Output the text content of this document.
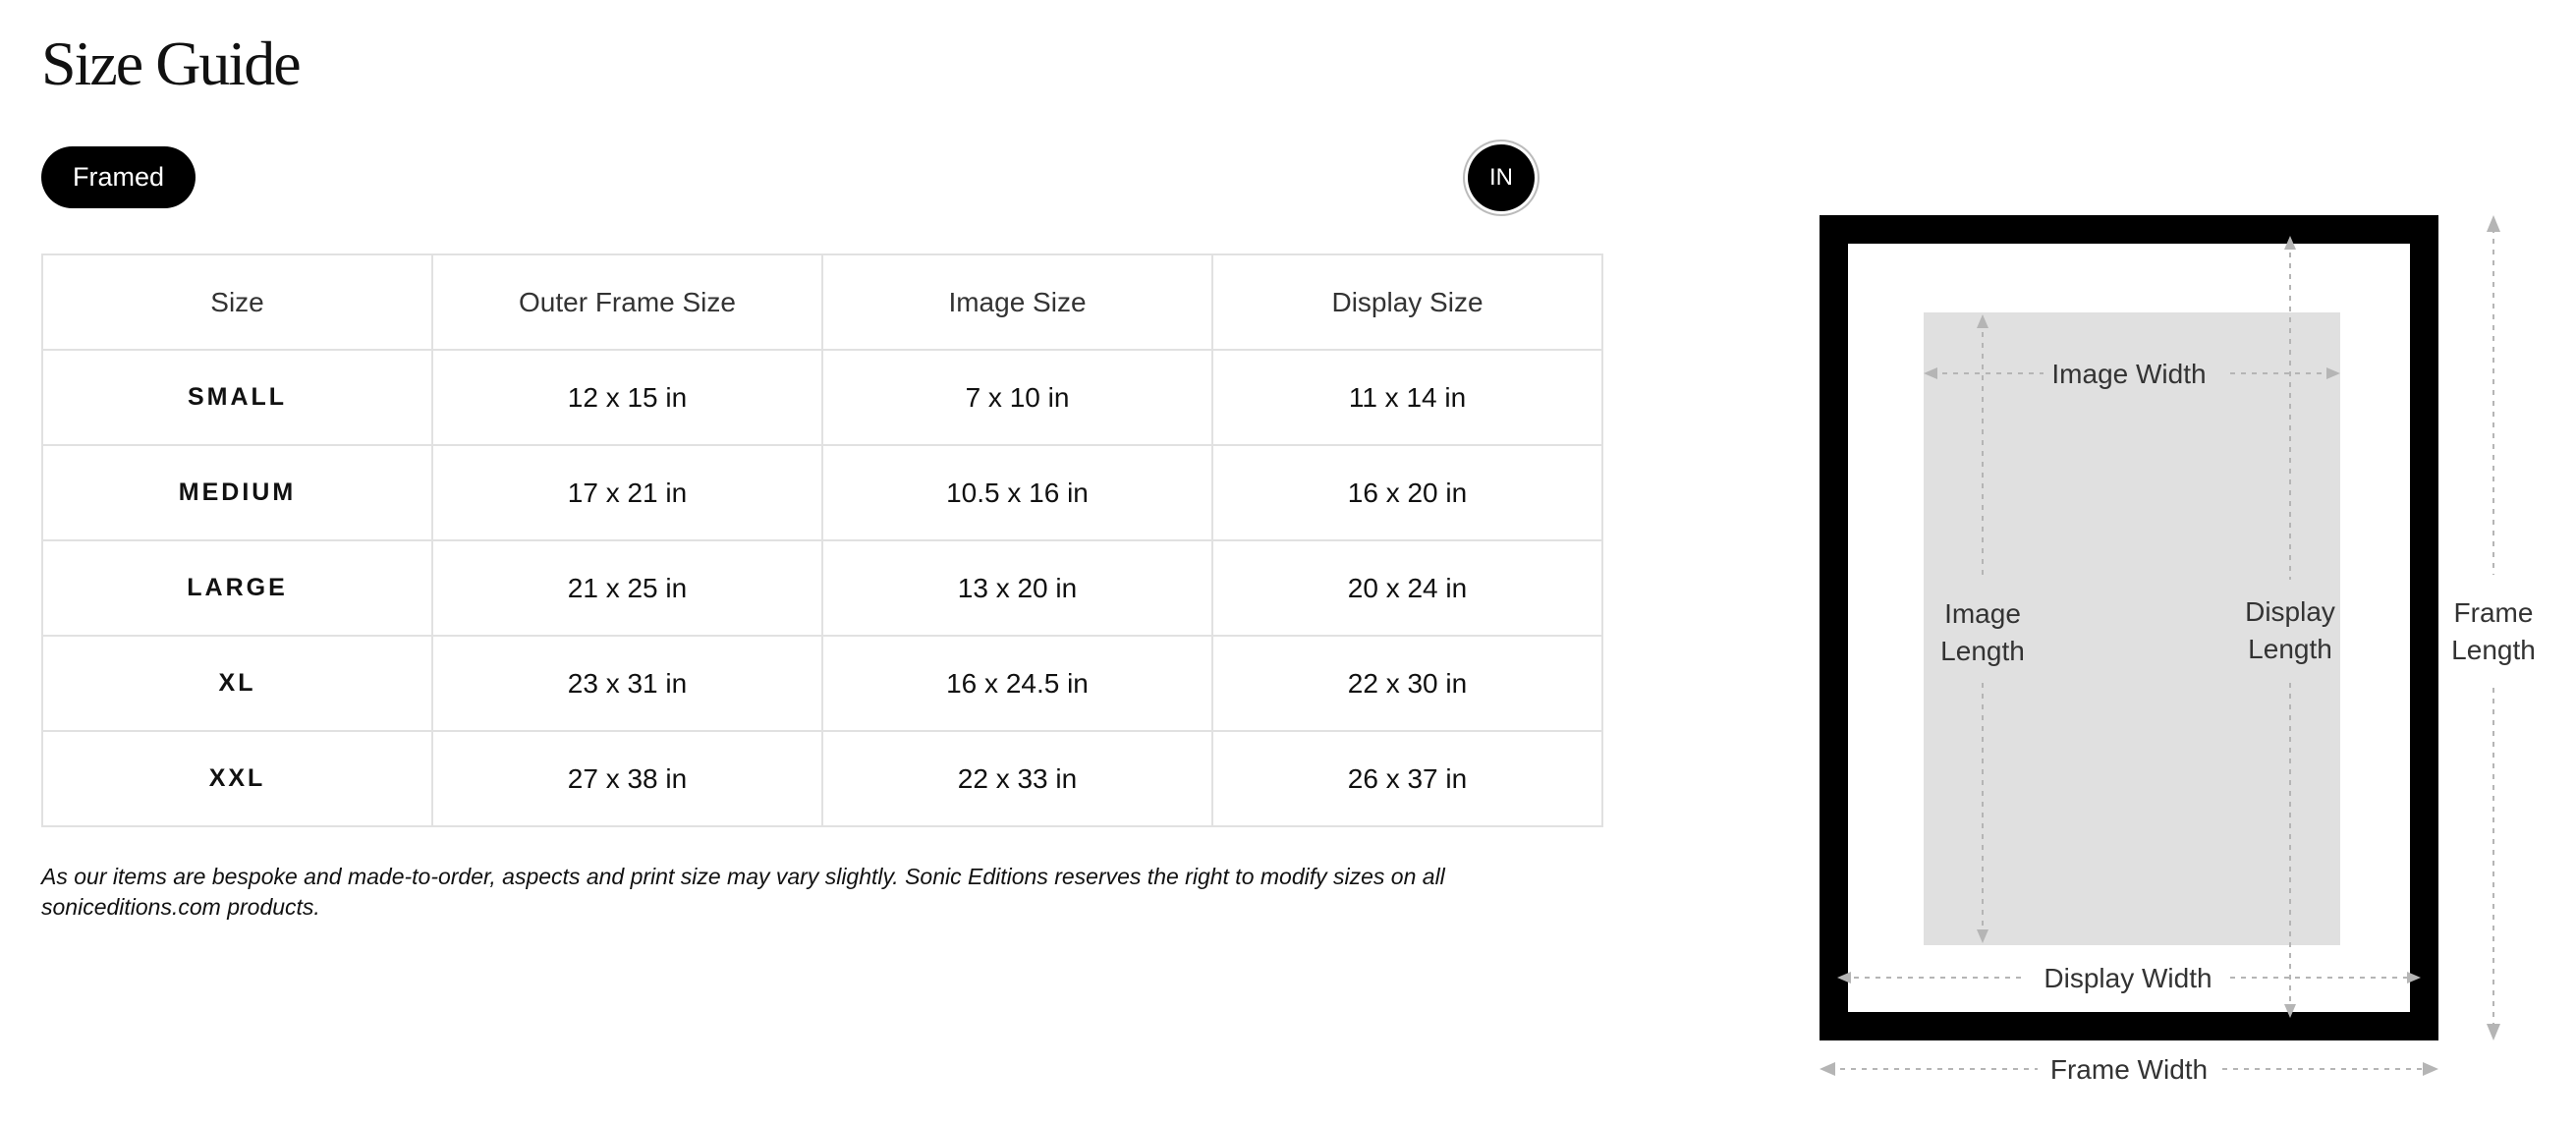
Size Guide
Framed	IN
Size	Outer Frame Size	Image Size	Display Size
SMALL	12 x 15 in	7 x 10 in	11 x 14 in
MEDIUM	17 x 21 in	10.5 x 16 in	16 x 20 in
LARGE	21 x 25 in	13 x 20 in	20 x 24 in
XL	23 x 31 in	16 x 24.5 in	22 x 30 in
XXL	27 x 38 in	22 x 33 in	26 x 37 in

As our items are bespoke and made-to-order, aspects and print size may vary slightly. Sonic Editions reserves the right to modify sizes on all soniceditions.com products.

Image Width
Image
Length
Display
Length
Frame
Length
Display Width
Frame Width
